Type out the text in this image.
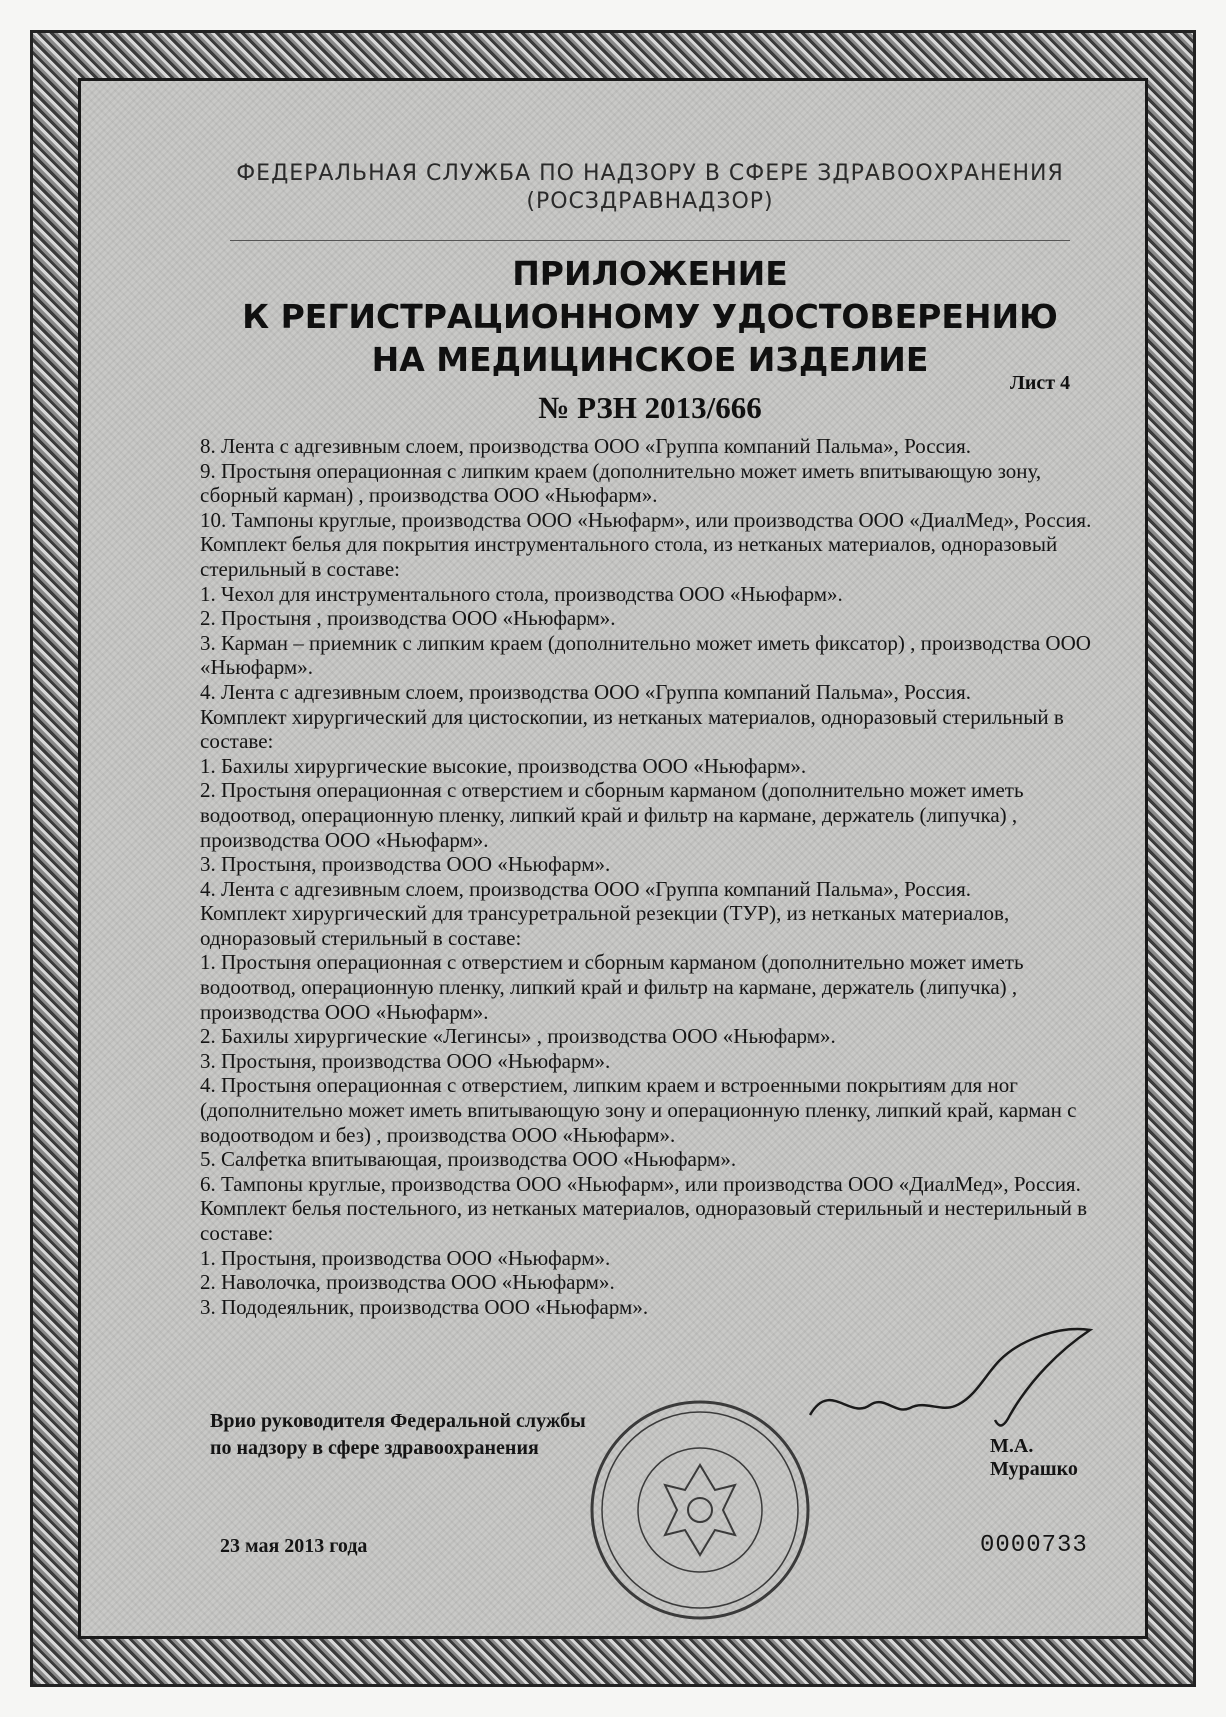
ФЕДЕРАЛЬНАЯ СЛУЖБА ПО НАДЗОРУ В СФЕРЕ ЗДРАВООХРАНЕНИЯ
(РОСЗДРАВНАДЗОР)
ПРИЛОЖЕНИЕ
К РЕГИСТРАЦИОННОМУ УДОСТОВЕРЕНИЮ
НА МЕДИЦИНСКОЕ ИЗДЕЛИЕ
Лист 4
№ РЗН 2013/666
8. Лента с адгезивным слоем, производства ООО «Группа компаний Пальма», Россия.
9. Простыня операционная с липким краем (дополнительно может иметь впитывающую зону, сборный карман) , производства ООО «Ньюфарм».
10. Тампоны круглые, производства ООО «Ньюфарм», или производства ООО «ДиалМед», Россия.
Комплект белья для покрытия инструментального стола, из нетканых материалов, одноразовый стерильный в составе:
1. Чехол для инструментального стола, производства ООО «Ньюфарм».
2. Простыня , производства ООО «Ньюфарм».
3. Карман – приемник с липким краем (дополнительно может иметь фиксатор) , производства ООО «Ньюфарм».
4. Лента с адгезивным слоем, производства ООО «Группа компаний Пальма», Россия.
Комплект хирургический для цистоскопии, из нетканых материалов, одноразовый стерильный в составе:
1. Бахилы хирургические высокие, производства ООО «Ньюфарм».
2. Простыня операционная с отверстием и сборным карманом (дополнительно может иметь водоотвод, операционную пленку, липкий край и фильтр на кармане, держатель (липучка) , производства ООО «Ньюфарм».
3. Простыня, производства ООО «Ньюфарм».
4. Лента с адгезивным слоем, производства ООО «Группа компаний Пальма», Россия.
Комплект хирургический для трансуретральной резекции (ТУР), из нетканых материалов, одноразовый стерильный в составе:
1. Простыня операционная с отверстием и сборным карманом (дополнительно может иметь водоотвод, операционную пленку, липкий край и фильтр на кармане, держатель (липучка) , производства ООО «Ньюфарм».
2. Бахилы хирургические «Легинсы» , производства ООО «Ньюфарм».
3. Простыня, производства ООО «Ньюфарм».
4. Простыня операционная с отверстием, липким краем и встроенными покрытиям для ног (дополнительно может иметь впитывающую зону и операционную пленку, липкий край, карман с водоотводом и без) , производства ООО «Ньюфарм».
5. Салфетка впитывающая, производства ООО «Ньюфарм».
6. Тампоны круглые, производства ООО «Ньюфарм», или производства ООО «ДиалМед», Россия.
Комплект белья постельного, из нетканых материалов, одноразовый стерильный и нестерильный в составе:
1. Простыня, производства ООО «Ньюфарм».
2. Наволочка, производства ООО «Ньюфарм».
3. Пододеяльник, производства ООО «Ньюфарм».
Врио руководителя Федеральной службы
по надзору в сфере здравоохранения	М.А. Мурашко
23 мая 2013 года	0000733
